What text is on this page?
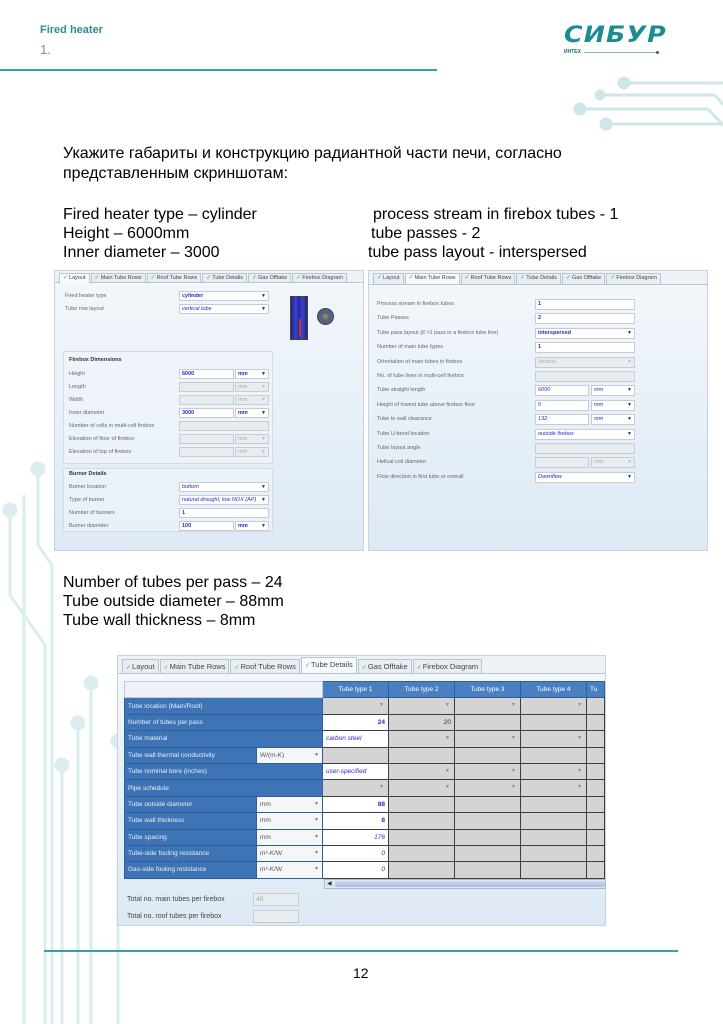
Fired heater
1.
СИБУР
ИНТЕХ
Укажите габариты и конструкцию радиантной части печи, согласно
представленным скриншотам:
Fired heater type – cylinder
Height – 6000mm
Inner diameter – 3000
process stream in firebox tubes - 1
tube passes - 2
tube pass layout - interspersed
✓Layout	✓Main Tube Rows	✓Roof Tube Rows	✓Tube Details	✓Gas Offtake	✓Firebox Diagram
Fired heater type	cylinder	▼
Tube row layout	vertical tube	▼
Firebox Dimensions
Height	6000	mm	▼
Length	mm	▼
Width	mm	▼
Inner diameter	3000	mm	▼
Number of cells in multi-cell firebox
Elevation of floor of firebox	mm	▼
Elevation of top of firebox	mm	▼
Burner Details
Burner location	bottom	▼
Type of burner	natural drought, low NOX (AP) ▼
Number of burners	1
Burner diameter	100	mm	▼
✓Layout	✓Main Tube Rows	✓Roof Tube Rows	✓Tube Details	✓Gas Offtake	✓Firebox Diagram
Process stream in firebox tubes	1
Tube Passes	2
Tube pass layout (if >1 pass in a firebox tube line)	interspersed	▼
Number of main tube types	1
Orientation of main tubes in firebox	Vertical	▼
No. of tube lines in multi-cell firebox
Tube straight length	6000	mm	▼
Height of lowest tube above firebox floor	0	mm	▼
Tube to wall clearance	132	mm	▼
Tube U-bend location	outside firebox	▼
Tube layout angle
Helical coil diameter	mm	▼
Flow direction in first tube or overall	Downflow	▼
Number of tubes per pass – 24
Tube outside diameter – 88mm
Tube wall thickness – 8mm
✓Layout	✓Main Tube Rows	✓Roof Tube Rows	✓Tube Details	✓Gas Offtake	✓Firebox Diagram
		Tube type 1	Tube type 2	Tube type 3	Tube type 4	Tu
Tube location (Main/Roof)		▼	▼	▼	▼	

Number of tubes per pass		24	20			
Tube material		carbon steel	▼	▼	▼	

Tube wall thermal conductivity	W/(m-K) ▼					

Tube nominal bore (inches)		user-specified	▼	▼	▼	

Pipe schedule		▼	▼	▼	▼	

Tube outside diameter	mm ▼	88				
Tube wall thickness	mm ▼	8				
Tube spacing	mm ▼	176				
Tube-side fouling resistance	m²-K/W ▼	0				
Gas-side fouling resistance	m²-K/W ▼	0				
◀
Total no. main tubes per firebox	48
Total no. roof tubes per firebox
12
